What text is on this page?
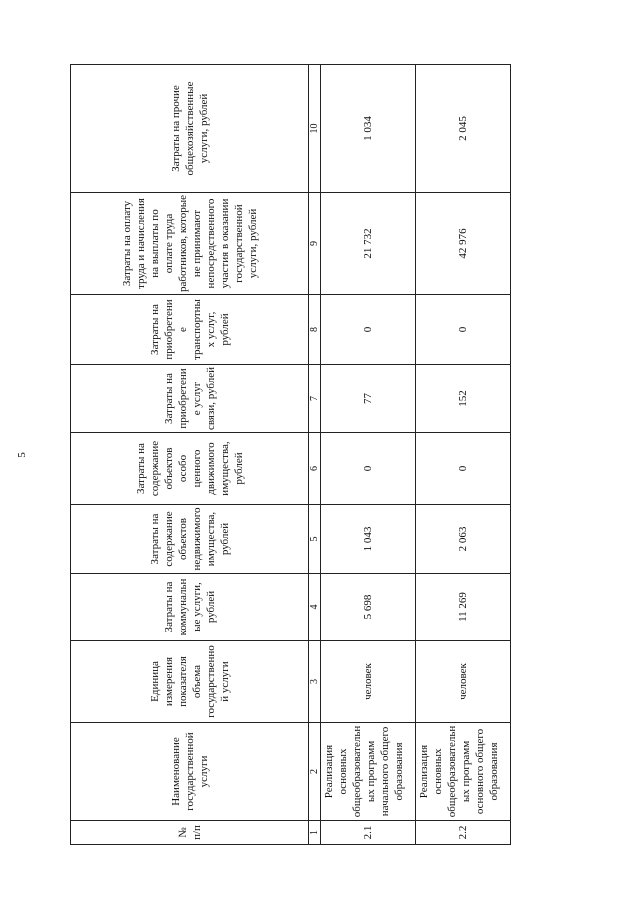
5
№ п/п	Наименование государственной услуги	Единица измерения показателя объема государственной услуги	Затраты на коммунальные услуги, рублей	Затраты на содержание объектов недвижимого имущества, рублей	Затраты на содержание объектов особо ценного движимого имущества, рублей	Затраты на приобретение услуг связи, рублей	Затраты на приобретение транспортных услуг, рублей	Затраты на оплату труда и начисления на выплаты по оплате труда работников, которые не принимают непосредственного участия в оказании государственной услуги, рублей	Затраты на прочие общехозяйственные услуги, рублей
1	2	3	4	5	6	7	8	9	10
2.1	Реализация основных общеобразовательных программ начального общего образования	человек	5 698	1 043	0	77	0	21 732	1 034
2.2	Реализация основных общеобразовательных программ основного общего образования	человек	11 269	2 063	0	152	0	42 976	2 045
